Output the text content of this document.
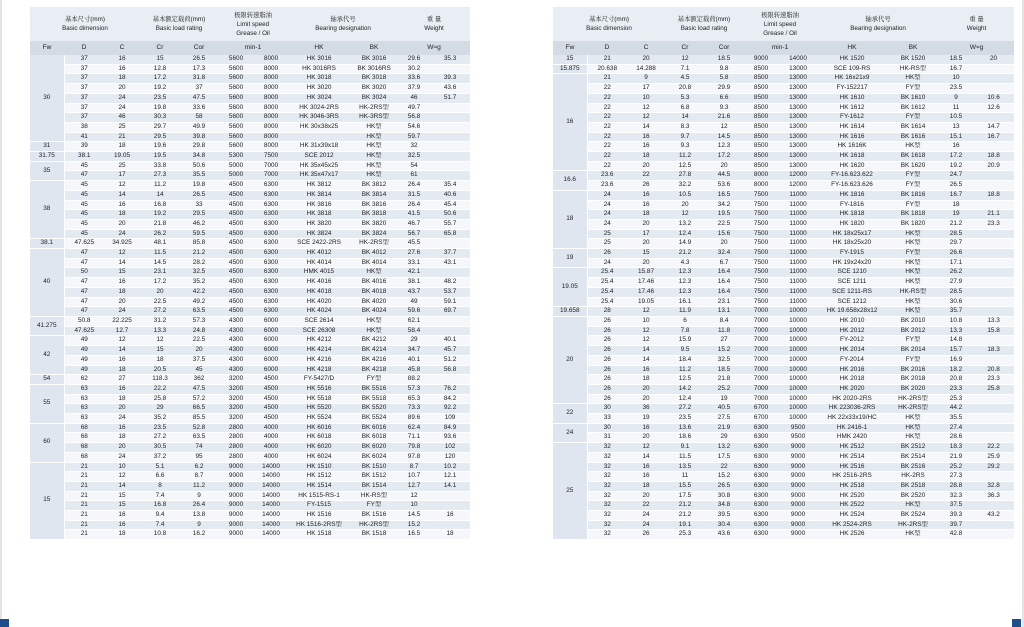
基本尺寸(mm)
Basic dimension			基本额定载荷(mm)
Basic load rating		极限转速脂油
Limit speed
Grease / Oil		轴承代号
Bearing designation		重 量
Weight	
Fw	D	C	Cr	Cor	min-1		HK	BK	W≈g	
30	37	16	15	26.5	5600	8000	HK 3016	BK 3016	29.6	35.3
	37	16	12.8	17.3	5600	8000	HK 3016RS	BK 3016RS	30.2	
	37	18	17.2	31.8	5600	8000	HK 3018	BK 3018	33.6	39.3
	37	20	19.2	37	5600	8000	HK 3020	BK 3020	37.9	43.6
	37	24	23.5	47.5	5600	8000	HK 3024	BK 3024	46	51.7
	37	24	19.8	33.6	5600	8000	HK 3024-2RS	HK-2RS型	49.7	
	37	46	30.3	58	5600	8000	HK 3046-3RS	HK-3RS型	56.8	
	38	25	29.7	49.9	5600	8000	HK 30x38x25	HK型	54.6	
	41	21	29.5	39.8	5600	8000		HK型	59.7	
31	39	18	19.6	29.8	5600	8000	HK 31x39x18	HK型	32	
31.75	38.1	19.05	19.5	34.8	5300	7500	SCE 2012	HK型	32.5	
35	45	25	33.8	50.6	5000	7000	HK 35x45x25	HK型	54	
	47	17	27.3	35.5	5000	7000	HK 35x47x17	HK型	61	
38	45	12	11.2	19.8	4500	6300	HK 3812	BK 3812	26.4	35.4
	45	14	14	26.5	4500	6300	HK 3814	BK 3814	31.5	40.6
	45	16	16.8	33	4500	6300	HK 3816	BK 3816	26.4	45.4
	45	18	19.2	29.5	4500	6300	HK 3818	BK 3818	41.5	50.6
	45	20	21.8	46.2	4500	6300	HK 3820	BK 3820	46.7	55.7
	45	24	26.2	59.5	4500	6300	HK 3824	BK 3824	56.7	65.8
38.1	47.625	34.925	48.1	85.8	4500	6300	SCE 2422-2RS	HK-2RS型	45.5	
40	47	12	11.5	21.2	4500	6300	HK 4012	BK 4012	27.6	37.7
	47	14	14.5	28.2	4500	6300	HK 4014	BK 4014	33.1	43.1
	50	15	23.1	32.5	4500	6300	HMK 4015	HK型	42.1	
	47	16	17.2	35.2	4500	6300	HK 4016	BK 4016	38.1	48.2
	47	18	20	42.2	4500	6300	HK 4018	BK 4018	43.7	53.7
	47	20	22.5	49.2	4500	6300	HK 4020	BK 4020	49	59.1
	47	24	27.2	63.5	4500	6300	HK 4024	BK 4024	59.6	69.7
41.275	50.8	22.225	31.2	57.3	4300	6000	SCE 2614	HK型	62.1	
	47.625	12.7	13.3	24.8	4300	6000	SCE 26308	HK型	58.4	
42	49	12	12	22.5	4300	6000	HK 4212	BK 4212	29	40.1
	49	14	15	20	4300	6000	HK 4214	BK 4214	34.7	45.7
	49	16	18	37.5	4300	6000	HK 4216	BK 4216	40.1	51.2
	49	18	20.5	45	4300	6000	HK 4218	BK 4218	45.8	56.8
54	62	27	118.3	362	3200	4500	FY-5427/D	FY型	88.2	
55	63	16	22.2	47.5	3200	4500	HK 5516	BK 5516	57.3	76.2
	63	18	25.8	57.2	3200	4500	HK 5518	BK 5518	65.3	84.2
	63	20	29	66.5	3200	4500	HK 5520	BK 5520	73.3	92.2
	63	24	35.2	85.5	3200	4500	HK 5524	BK 5524	89.6	109
60	68	16	23.5	52.8	2800	4000	HK 6016	BK 6016	62.4	84.9
	68	18	27.2	63.5	2800	4000	HK 6018	BK 6018	71.1	93.6
	68	20	30.5	74	2800	4000	HK 6020	BK 6020	79.8	102
	68	24	37.2	95	2800	4000	HK 6024	BK 6024	97.8	120
15	21	10	5.1	6.2	9000	14000	HK 1510	BK 1510	8.7	10.2
	21	12	6.6	8.7	9000	14000	HK 1512	BK 1512	10.7	12.1
	21	14	8	11.2	9000	14000	HK 1514	BK 1514	12.7	14.1
	21	15	7.4	9	9000	14000	HK 1515-RS-1	HK-RS型	12	
	21	15	16.8	26.4	9000	14000	FY-1515	FY型	10	
	21	16	9.4	13.8	9000	14000	HK 1516	BK 1516	14.5	16
	21	16	7.4	9	9000	14000	HK 1516-2RS型	HK-2RS型	15.2	
	21	18	10.8	16.2	9000	14000	HK 1518	BK 1518	16.5	18
基本尺寸(mm)
Basic dimension			基本额定载荷(mm)
Basic load rating		极限转速脂油
Limit speed
Grease / Oil		轴承代号
Bearing designation		重 量
Weight	
Fw	D	C	Cr	Cor	min-1		HK	BK	W≈g	
15	21	20	12	18.5	9000	14000	HK 1520	BK 1520	18.5	20
15.875	20.638	14.288	7.1	9.8	8500	13000	SCE 109-RS	HK-RS型	16.7	
16	21	9	4.5	5.8	8500	13000	HK 16x21x9	HK型	10	
	22	17	20.8	29.9	8500	13000	FY-152217	FY型	23.5	
	22	10	5.3	6.6	8500	13000	HK 1610	BK 1610	9	10.6
	22	12	6.8	9.3	8500	13000	HK 1612	BK 1612	11	12.6
	22	12	14	21.6	8500	13000	FY-1612	FY型	10.5	
	22	14	8.3	12	8500	13000	HK 1614	BK 1614	13	14.7
	22	16	9.7	14.5	8500	13000	HK 1616	BK 1616	15.1	16.7
	22	16	9.3	12.3	8500	13000	HK 1616K	HK型	16	
	22	18	11.2	17.2	8500	13000	HK 1618	BK 1618	17.2	18.8
	22	20	12.5	20	8500	13000	HK 1620	BK 1620	19.2	20.9
16.6	23.6	22	27.8	44.5	8000	12000	FY-16.623.622	FY型	24.7	
	23.6	26	32.2	53.6	8000	12000	FY-16.623.626	FY型	26.5	
18	24	16	10.5	16.5	7500	11000	HK 1816	BK 1816	16.7	18.8
	24	16	20	34.2	7500	11000	FY-1816	FY型	18	
	24	18	12	19.5	7500	11000	HK 1818	BK 1818	19	21.1
	24	20	13.2	22.5	7500	11000	HK 1820	BK 1820	21.2	23.3
	25	17	12.4	15.6	7500	11000	HK 18x25x17	HK型	28.5	
	25	20	14.9	20	7500	11000	HK 18x25x20	HK型	29.7	
19	26	15	21.2	32.4	7500	11000	FY-1915	FY型	26.6	
	24	20	4.3	6.7	7500	11000	HK 19x24x20	HK型	17.1	
19.05	25.4	15.87	12.3	16.4	7500	11000	SCE 1210	HK型	26.2	
	25.4	17.46	12.3	16.4	7500	11000	SCE 1211	HK型	27.9	
	25.4	17.46	12.3	16.4	7500	11000	SCE 1211-RS	HK-RS型	28.5	
	25.4	19.05	16.1	23.1	7500	11000	SCE 1212	HK型	30.6	
19.658	28	12	11.9	13.1	7000	10000	HK 19.658x28x12	HK型	35.7	
20	26	10	6	8.4	7000	10000	HK 2010	BK 2010	10.8	13.3
	26	12	7.8	11.8	7000	10000	HK 2012	BK 2012	13.3	15.8
	26	12	15.9	27	7000	10000	FY-2012	FY型	14.8	
	26	14	9.5	15.2	7000	10000	HK 2014	BK 2014	15.7	18.3
	26	14	18.4	32.5	7000	10000	FY-2014	FY型	16.9	
	26	16	11.2	18.5	7000	10000	HK 2016	BK 2016	18.2	20.8
	26	18	12.5	21.8	7000	10000	HK 2018	BK 2018	20.8	23.3
	26	20	14.2	25.2	7000	10000	HK 2020	BK 2020	23.3	25.8
	26	20	12.4	19	7000	10000	HK 2020-2RS	HK-2RS型	25.3	
22	30	36	27.2	40.5	6700	10000	HK 223036-2RS	HK-2RS型	44.2	
	33	19	23.5	27.5	6700	10000	HK 22x33x19/HC	HK型	35.5	
24	30	16	13.6	21.9	6300	9500	HK 2416-1	HK型	27.4	
	31	20	18.6	29	6300	9500	HMK 2420	HK型	28.6	
25	32	12	9.1	13.2	6300	9000	HK 2512	BK 2512	18.3	22.2
	32	14	11.5	17.5	6300	9000	HK 2514	BK 2514	21.9	25.9
	32	16	13.5	22	6300	9000	HK 2516	BK 2516	25.2	29.2
	32	16	11	15.2	6300	9000	HK 2516-2RS	HK-2RS	27.3	
	32	18	15.5	26.5	6300	9000	HK 2518	BK 2518	28.8	32.8
	32	20	17.5	30.8	6300	9000	HK 2520	BK 2520	32.3	36.3
	32	22	21.2	34.8	6300	9000	HK 2522	HK型	37.5	
	32	24	21.2	39.5	6300	9000	HK 2524	BK 2524	39.3	43.2
	32	24	19.1	30.4	6300	9000	HK 2524-2RS	HK-2RS型	39.7	
	32	26	25.3	43.6	6300	9000	HK 2526	HK型	42.8	
